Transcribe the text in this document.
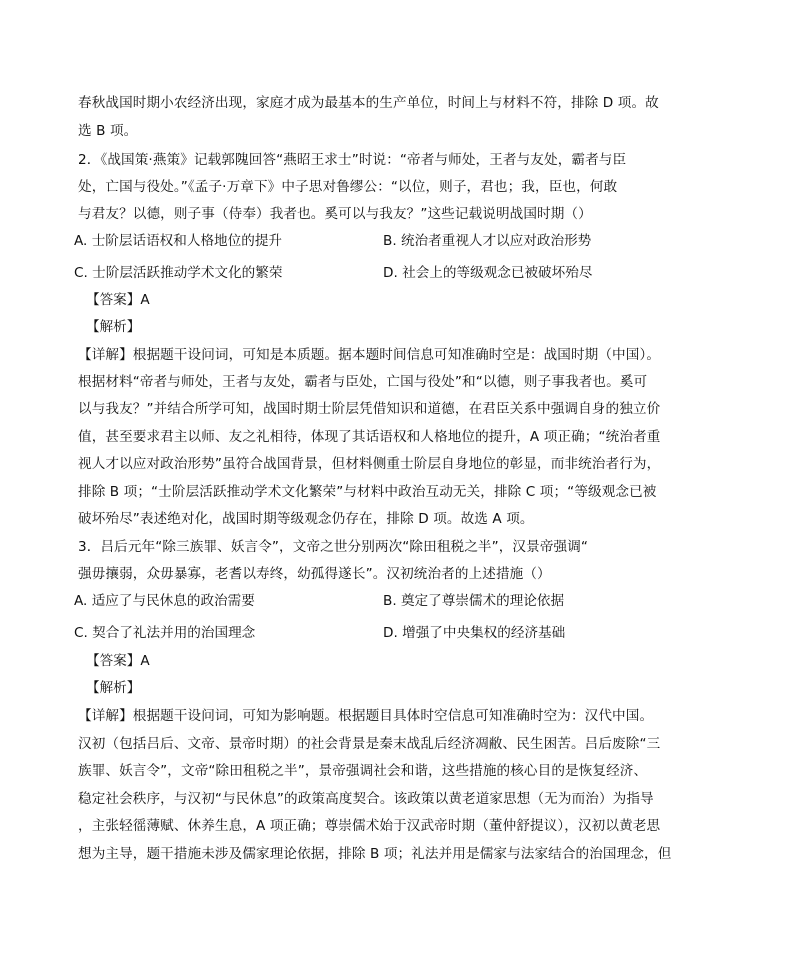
春秋战国时期小农经济出现，家庭才成为最基本的生产单位，时间上与材料不符，排除 D 项。故
选 B 项。
2．《战国策·燕策》记载郭隗回答“燕昭王求士”时说：“帝者与师处，王者与友处，霸者与臣
处，亡国与役处。”《孟子·万章下》中子思对鲁缪公：“以位，则子，君也；我，臣也，何敢
与君友？以德，则子事（侍奉）我者也。奚可以与我友？”这些记载说明战国时期（）
A. 士阶层话语权和人格地位的提升	B. 统治者重视人才以应对政治形势
C. 士阶层活跃推动学术文化的繁荣	D. 社会上的等级观念已被破坏殆尽
【答案】A
【解析】
【详解】根据题干设问词，可知是本质题。据本题时间信息可知准确时空是：战国时期（中国）。
根据材料“帝者与师处，王者与友处，霸者与臣处，亡国与役处”和“以德，则子事我者也。奚可
以与我友？”并结合所学可知，战国时期士阶层凭借知识和道德，在君臣关系中强调自身的独立价
值，甚至要求君主以师、友之礼相待，体现了其话语权和人格地位的提升，A 项正确；“统治者重
视人才以应对政治形势”虽符合战国背景，但材料侧重士阶层自身地位的彰显，而非统治者行为，
排除 B 项；“士阶层活跃推动学术文化繁荣”与材料中政治互动无关，排除 C 项；“等级观念已被
破坏殆尽”表述绝对化，战国时期等级观念仍存在，排除 D 项。故选 A 项。
3．吕后元年“除三族罪、妖言令”，文帝之世分别两次“除田租税之半”，汉景帝强调“
强毋攘弱，众毋暴寡，老耆以寿终，幼孤得遂长”。汉初统治者的上述措施（）
A. 适应了与民休息的政治需要	B. 奠定了尊崇儒术的理论依据
C. 契合了礼法并用的治国理念	D. 增强了中央集权的经济基础
【答案】A
【解析】
【详解】根据题干设问词，可知为影响题。根据题目具体时空信息可知准确时空为：汉代中国。
汉初（包括吕后、文帝、景帝时期）的社会背景是秦末战乱后经济凋敝、民生困苦。吕后废除“三
族罪、妖言令”，文帝“除田租税之半”，景帝强调社会和谐，这些措施的核心目的是恢复经济、
稳定社会秩序，与汉初“与民休息”的政策高度契合。该政策以黄老道家思想（无为而治）为指导
，主张轻徭薄赋、休养生息，A 项正确；尊崇儒术始于汉武帝时期（董仲舒提议），汉初以黄老思
想为主导，题干措施未涉及儒家理论依据，排除 B 项；礼法并用是儒家与法家结合的治国理念，但
